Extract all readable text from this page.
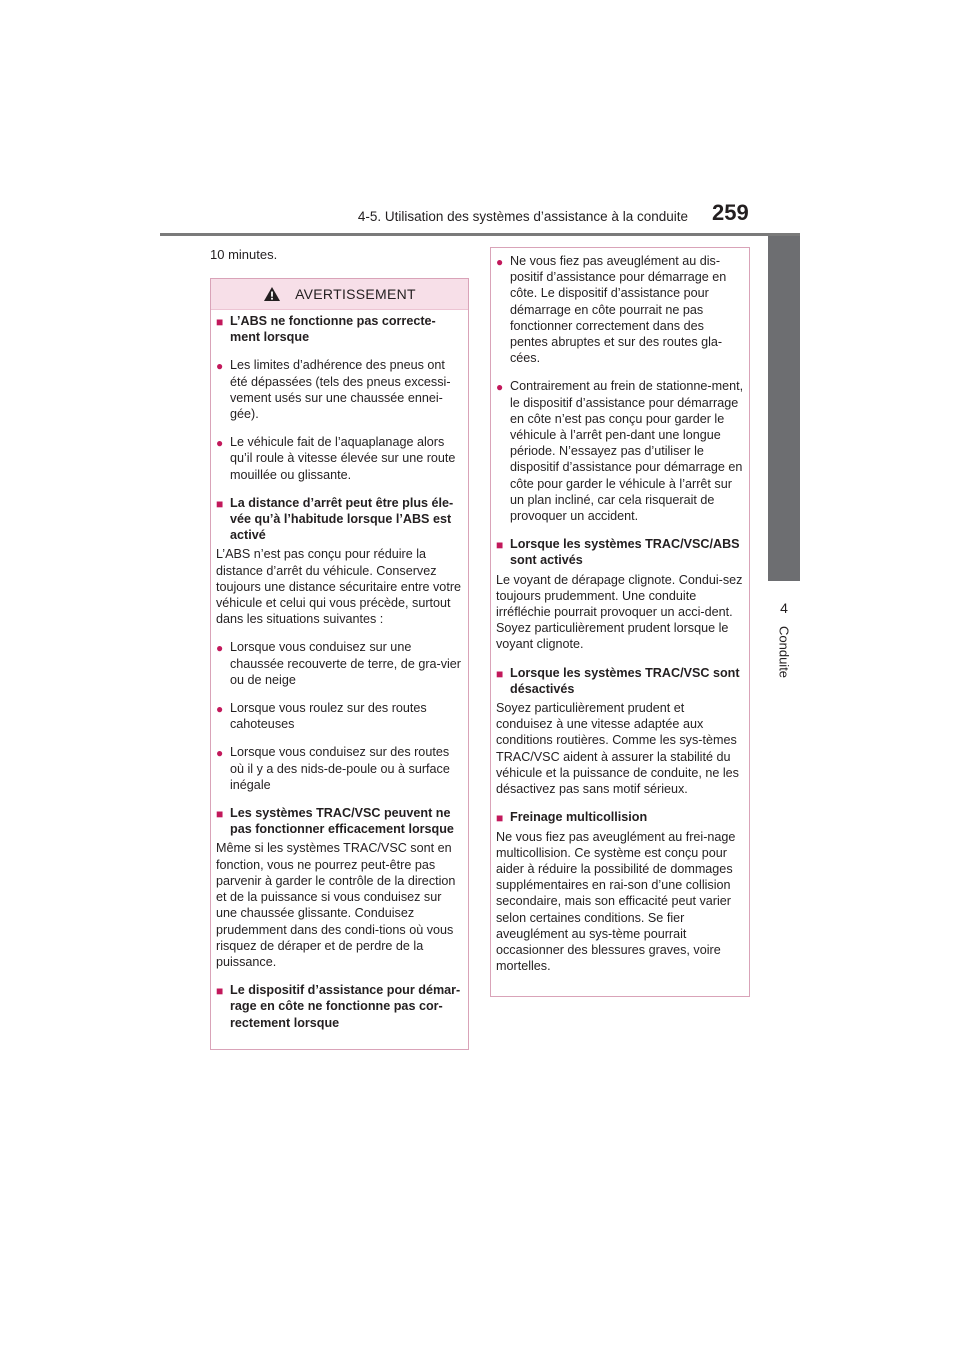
4-5. Utilisation des systèmes d’assistance à la conduite 259
4
Conduite
10 minutes.
AVERTISSEMENT
■ L’ABS ne fonctionne pas correcte-
ment lorsque
● Les limites d’adhérence des pneus ont été dépassées (tels des pneus excessi-vement usés sur une chaussée ennei-gée).
● Le véhicule fait de l’aquaplanage alors qu’il roule à vitesse élevée sur une route mouillée ou glissante.
■ La distance d’arrêt peut être plus éle-vée qu’à l’habitude lorsque l’ABS est activé
L’ABS n’est pas conçu pour réduire la distance d’arrêt du véhicule. Conservez toujours une distance sécuritaire entre votre véhicule et celui qui vous précède, surtout dans les situations suivantes :
● Lorsque vous conduisez sur une chaussée recouverte de terre, de gra-vier ou de neige
● Lorsque vous roulez sur des routes cahoteuses
● Lorsque vous conduisez sur des routes où il y a des nids-de-poule ou à surface inégale
■ Les systèmes TRAC/VSC peuvent ne pas fonctionner efficacement lorsque
Même si les systèmes TRAC/VSC sont en fonction, vous ne pourrez peut-être pas parvenir à garder le contrôle de la direction et de la puissance si vous conduisez sur une chaussée glissante. Conduisez prudemment dans des condi-tions où vous risquez de déraper et de perdre de la puissance.
■ Le dispositif d’assistance pour démar-rage en côte ne fonctionne pas cor-rectement lorsque
● Ne vous fiez pas aveuglément au dis-positif d’assistance pour démarrage en côte. Le dispositif d’assistance pour démarrage en côte pourrait ne pas fonctionner correctement dans des pentes abruptes et sur des routes gla-cées.
● Contrairement au frein de stationne-ment, le dispositif d’assistance pour démarrage en côte n’est pas conçu pour garder le véhicule à l’arrêt pen-dant une longue période. N’essayez pas d’utiliser le dispositif d’assistance pour démarrage en côte pour garder le véhicule à l’arrêt sur un plan incliné, car cela risquerait de provoquer un accident.
■ Lorsque les systèmes TRAC/VSC/ABS sont activés
Le voyant de dérapage clignote. Condui-sez toujours prudemment. Une conduite irréfléchie pourrait provoquer un acci-dent. Soyez particulièrement prudent lorsque le voyant clignote.
■ Lorsque les systèmes TRAC/VSC sont désactivés
Soyez particulièrement prudent et conduisez à une vitesse adaptée aux conditions routières. Comme les sys-tèmes TRAC/VSC aident à assurer la stabilité du véhicule et la puissance de conduite, ne les désactivez pas sans motif sérieux.
■ Freinage multicollision
Ne vous fiez pas aveuglément au frei-nage multicollision. Ce système est conçu pour aider à réduire la possibilité de dommages supplémentaires en rai-son d’une collision secondaire, mais son efficacité peut varier selon certaines conditions. Se fier aveuglément au sys-tème pourrait occasionner des blessures graves, voire mortelles.
